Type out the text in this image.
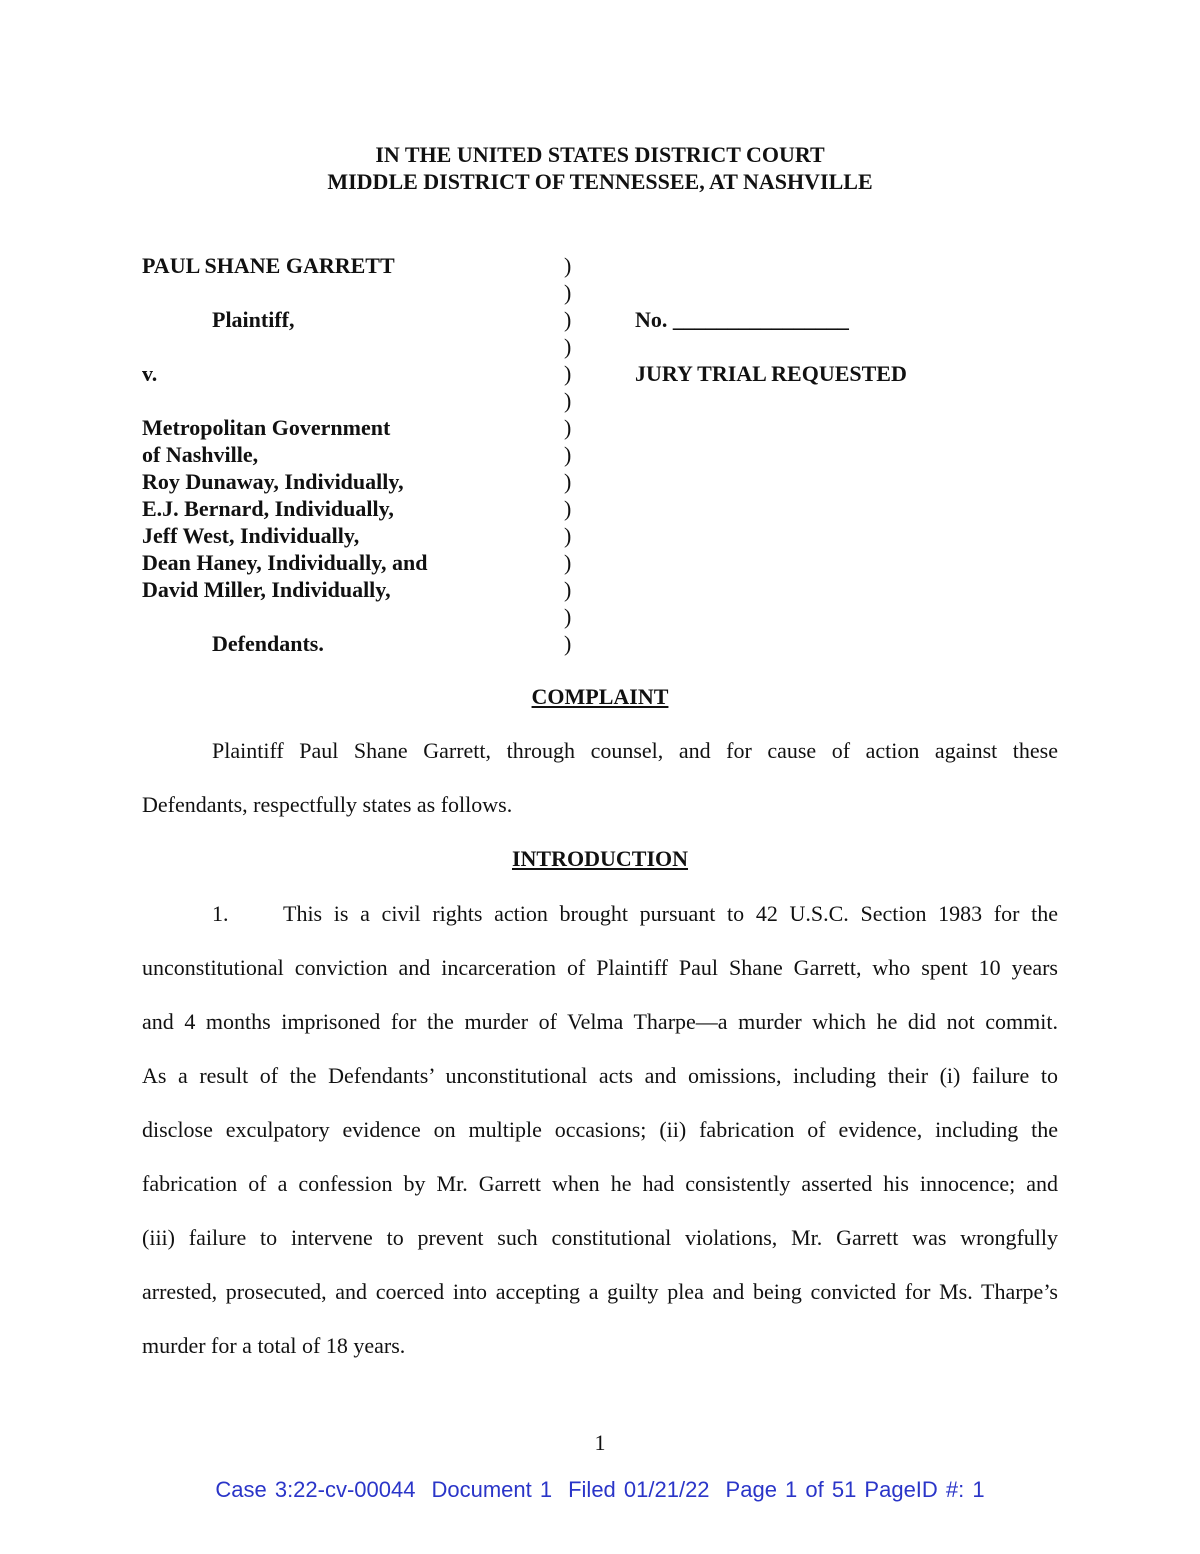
IN THE UNITED STATES DISTRICT COURT
MIDDLE DISTRICT OF TENNESSEE, AT NASHVILLE
PAUL SHANE GARRETT
Plaintiff,
v.
Metropolitan Government
of Nashville,
Roy Dunaway, Individually,
E.J. Bernard, Individually,
Jeff West, Individually,
Dean Haney, Individually, and
David Miller, Individually,
Defendants.
)
)
)
)
)
)
)
)
)
)
)
)
)
)
)
No. ________________
JURY TRIAL REQUESTED
COMPLAINT
Plaintiff Paul Shane Garrett, through counsel, and for cause of action against these
Defendants, respectfully states as follows.
INTRODUCTION
1. This is a civil rights action brought pursuant to 42 U.S.C. Section 1983 for the
unconstitutional conviction and incarceration of Plaintiff Paul Shane Garrett, who spent 10 years
and 4 months imprisoned for the murder of Velma Tharpe—a murder which he did not commit.
As a result of the Defendants’ unconstitutional acts and omissions, including their (i) failure to
disclose exculpatory evidence on multiple occasions; (ii) fabrication of evidence, including the
fabrication of a confession by Mr. Garrett when he had consistently asserted his innocence; and
(iii) failure to intervene to prevent such constitutional violations, Mr. Garrett was wrongfully
arrested, prosecuted, and coerced into accepting a guilty plea and being convicted for Ms. Tharpe’s
murder for a total of 18 years.
1
Case 3:22-cv-00044 Document 1 Filed 01/21/22 Page 1 of 51 PageID #: 1
